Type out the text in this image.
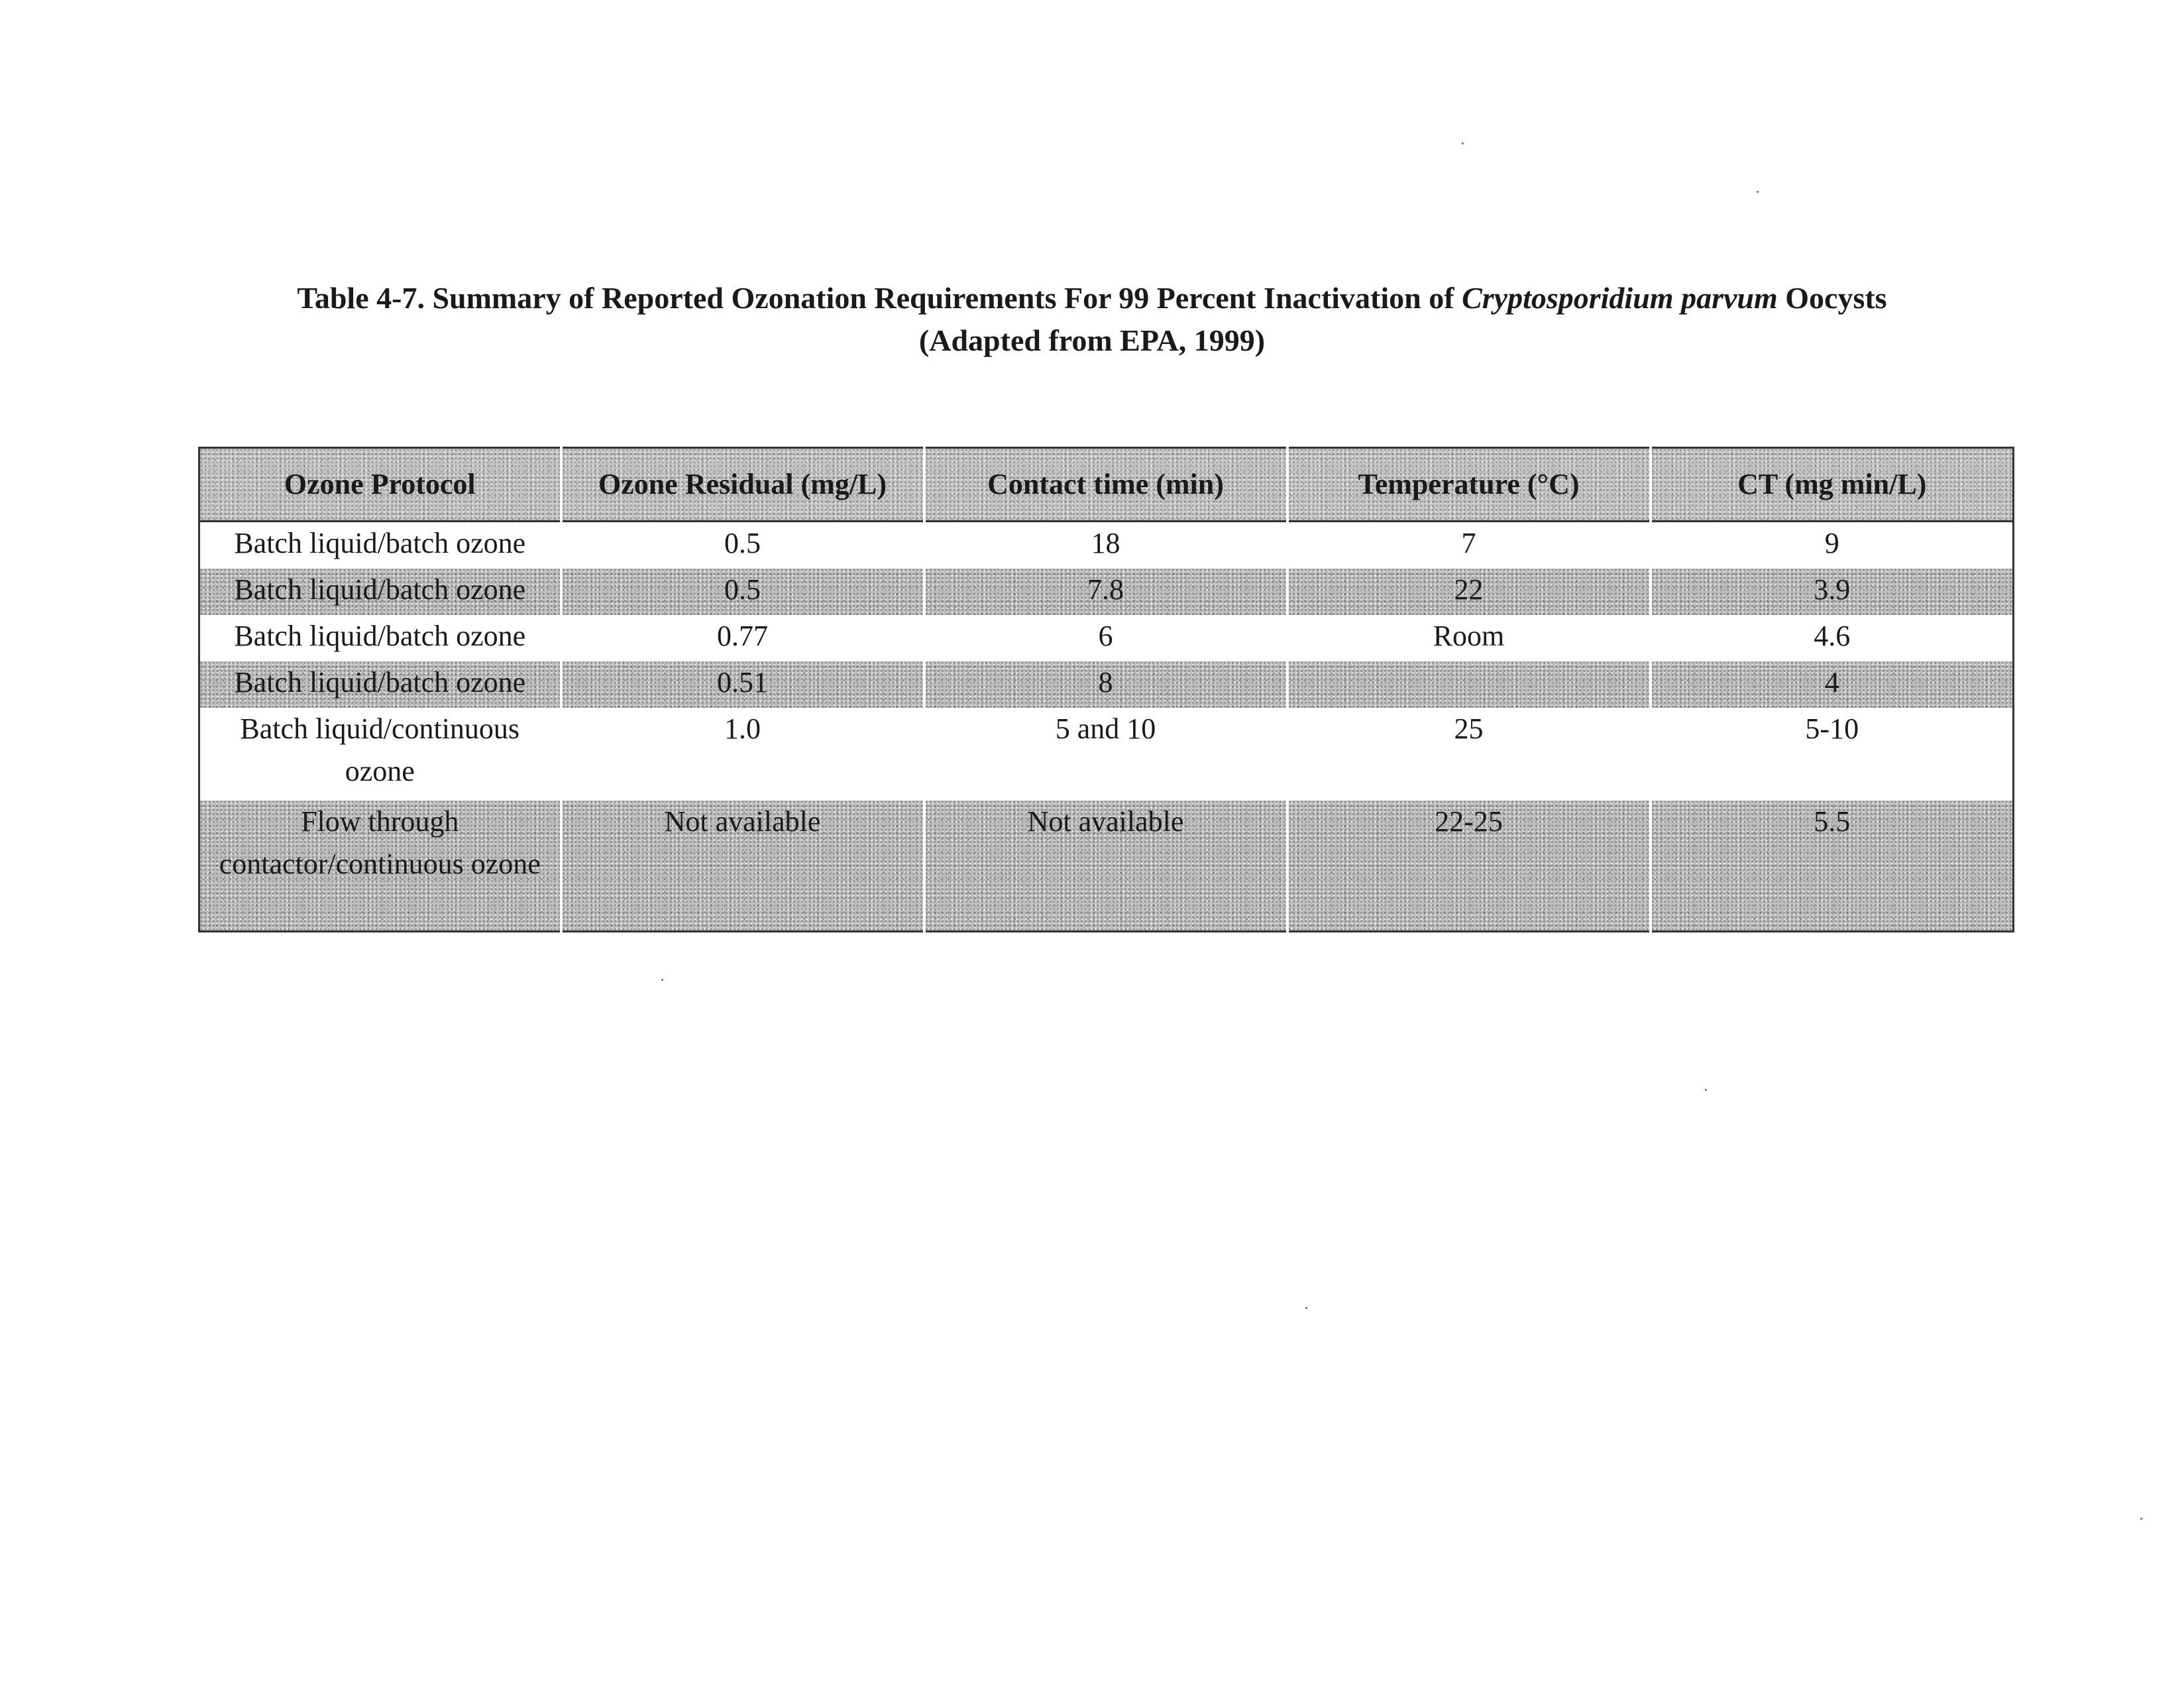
Table 4-7. Summary of Reported Ozonation Requirements For 99 Percent Inactivation of Cryptosporidium parvum Oocysts
(Adapted from EPA, 1999)
Ozone Protocol	Ozone Residual (mg/L)	Contact time (min)	Temperature (°C)	CT (mg min/L)
Batch liquid/batch ozone	0.5	18	7	9
Batch liquid/batch ozone	0.5	7.8	22	3.9
Batch liquid/batch ozone	0.77	6	Room	4.6
Batch liquid/batch ozone	0.51	8		4
Batch liquid/continuous ozone	1.0	5 and 10	25	5-10
Flow through contactor/continuous ozone	Not available	Not available	22-25	5.5
